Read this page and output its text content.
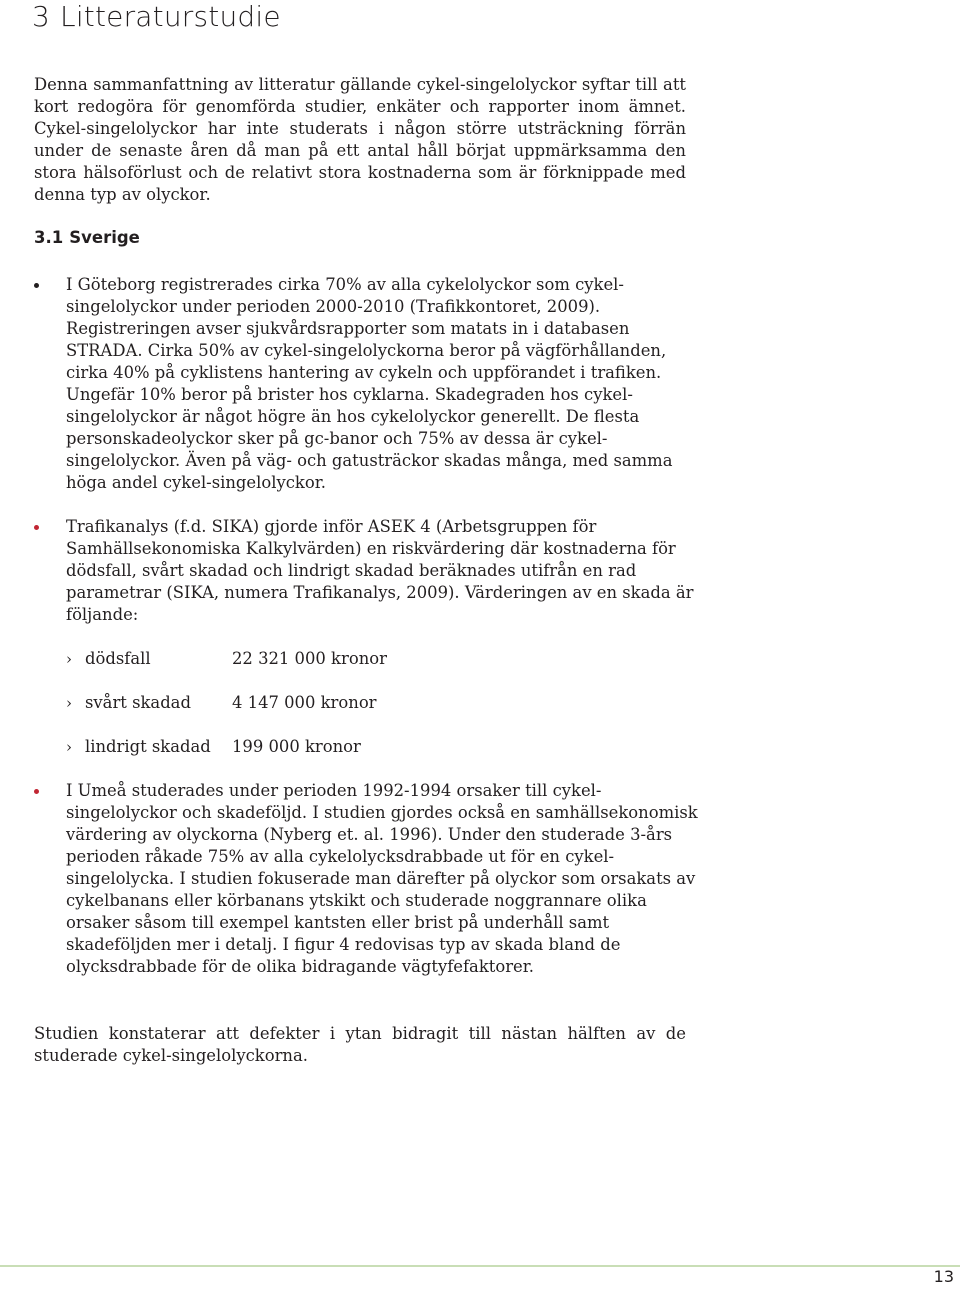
3 Litteraturstudie

Denna sammanfattning av litteratur gällande cykel-singelolyckor syftar till att kort redogöra för genomförda studier, enkäter och rapporter inom ämnet. Cykel-singelolyckor har inte studerats i någon större utsträckning förrän under de senaste åren då man på ett antal håll börjat uppmärksamma den stora hälsoförlust och de relativt stora kostnaderna som är förknippade med denna typ av olyckor.

3.1 Sverige

I Göteborg registrerades cirka 70% av alla cykelolyckor som cykel-singelolyckor under perioden 2000-2010 (Trafikkontoret, 2009). Registreringen avser sjukvårdsrapporter som matats in i databasen STRADA. Cirka 50% av cykel-singelolyckorna beror på vägförhållanden, cirka 40% på cyklistens hantering av cykeln och uppförandet i trafiken. Ungefär 10% beror på brister hos cyklarna. Skadegraden hos cykel-singelolyckor är något högre än hos cykelolyckor generellt. De flesta personskadeolyckor sker på gc-banor och 75% av dessa är cykel-singelolyckor. Även på väg- och gatusträckor skadas många, med samma höga andel cykel-singelolyckor.

Trafikanalys (f.d. SIKA) gjorde inför ASEK 4 (Arbetsgruppen för Samhällsekonomiska Kalkylvärden) en riskvärdering där kostnaderna för dödsfall, svårt skadad och lindrigt skadad beräknades utifrån en rad parametrar (SIKA, numera Trafikanalys, 2009). Värderingen av en skada är följande:

› dödsfall	22 321 000 kronor
› svårt skadad	4 147 000 kronor
› lindrigt skadad 199 000 kronor

I Umeå studerades under perioden 1992-1994 orsaker till cykel-singelolyckor och skadeföljd. I studien gjordes också en samhällsekonomisk värdering av olyckorna (Nyberg et. al. 1996). Under den studerade 3-års perioden råkade 75% av alla cykelolycksdrabbade ut för en cykel-singelolycka. I studien fokuserade man därefter på olyckor som orsakats av cykelbanans eller körbanans ytskikt och studerade noggrannare olika orsaker såsom till exempel kantsten eller brist på underhåll samt skadeföljden mer i detalj. I figur 4 redovisas typ av skada bland de olycksdrabbade för de olika bidragande vägtyfefaktorer.

Studien konstaterar att defekter i ytan bidragit till nästan hälften av de studerade cykel-singelolyckorna.

13
